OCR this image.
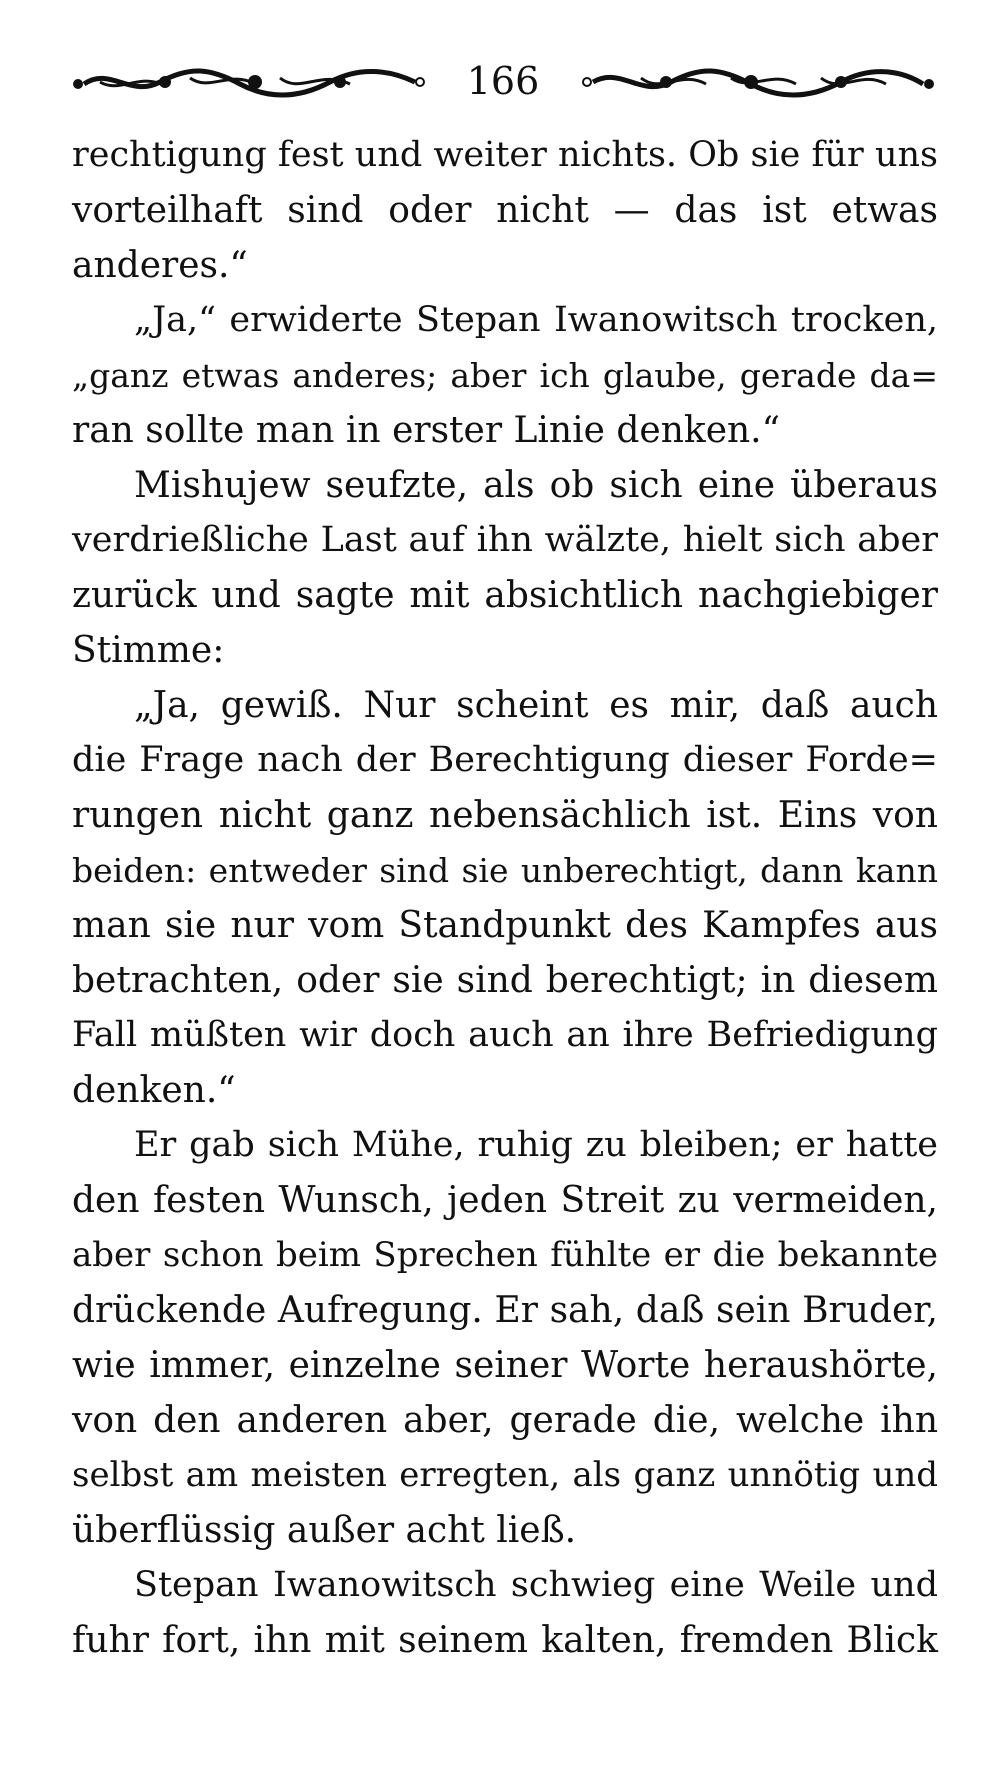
166
rechtigung fest und weiter nichts. Ob sie für uns
vorteilhaft sind oder nicht — das ist etwas
anderes.“
„Ja,“ erwiderte Stepan Iwanowitsch trocken,
„ganz etwas anderes; aber ich glaube, gerade da=
ran sollte man in erster Linie denken.“
Mishujew seufzte, als ob sich eine überaus
verdrießliche Last auf ihn wälzte, hielt sich aber
zurück und sagte mit absichtlich nachgiebiger
Stimme:
„Ja, gewiß. Nur scheint es mir, daß auch
die Frage nach der Berechtigung dieser Forde=
rungen nicht ganz nebensächlich ist. Eins von
beiden: entweder sind sie unberechtigt, dann kann
man sie nur vom Standpunkt des Kampfes aus
betrachten, oder sie sind berechtigt; in diesem
Fall müßten wir doch auch an ihre Befriedigung
denken.“
Er gab sich Mühe, ruhig zu bleiben; er hatte
den festen Wunsch, jeden Streit zu vermeiden,
aber schon beim Sprechen fühlte er die bekannte
drückende Aufregung. Er sah, daß sein Bruder,
wie immer, einzelne seiner Worte heraushörte,
von den anderen aber, gerade die, welche ihn
selbst am meisten erregten, als ganz unnötig und
überflüssig außer acht ließ.
Stepan Iwanowitsch schwieg eine Weile und
fuhr fort, ihn mit seinem kalten, fremden Blick
